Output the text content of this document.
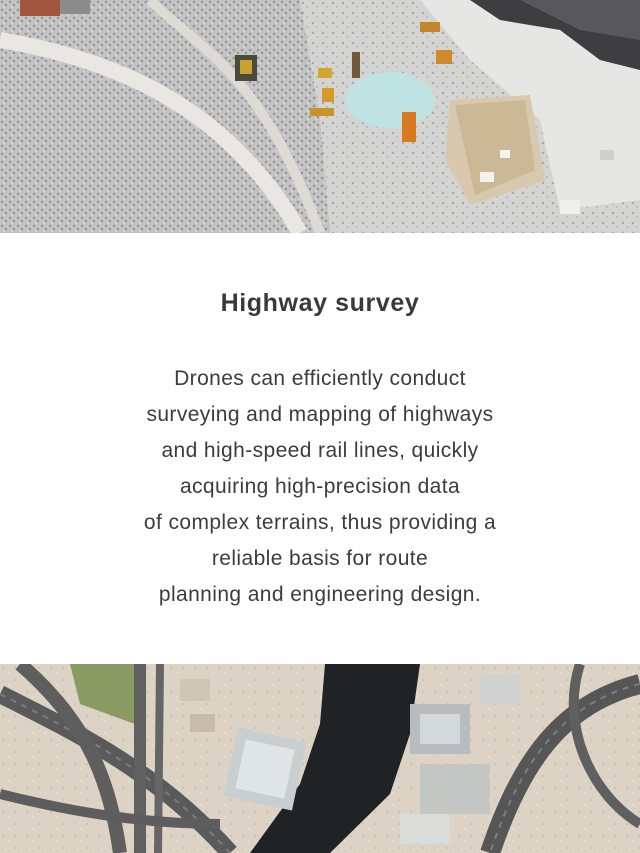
Highway survey
Drones can efficiently conduct
surveying and mapping of highways
and high-speed rail lines, quickly
acquiring high-precision data
of complex terrains, thus providing a
reliable basis for route
planning and engineering design.
